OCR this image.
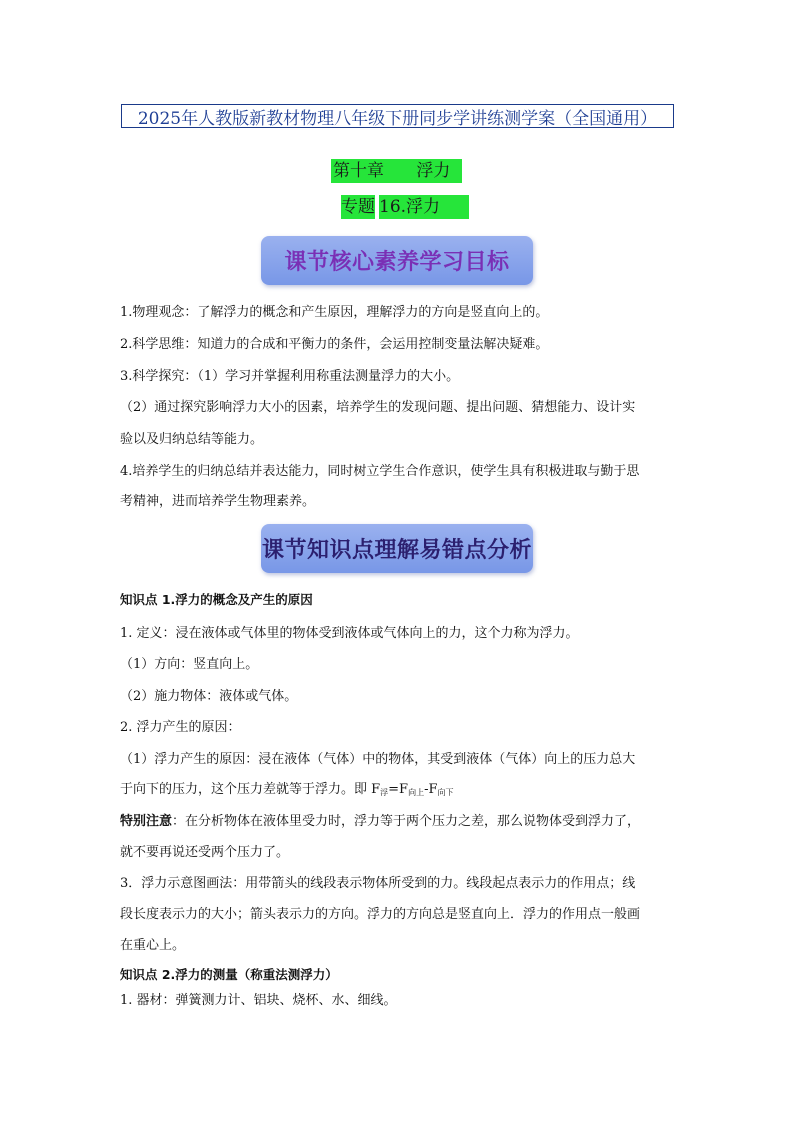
2025年人教版新教材物理八年级下册同步学讲练测学案（全国通用）
第十章      浮力
专题 16.浮力
课节核心素养学习目标
1.物理观念：了解浮力的概念和产生原因，理解浮力的方向是竖直向上的。
2.科学思维：知道力的合成和平衡力的条件，会运用控制变量法解决疑难。
3.科学探究：（1）学习并掌握利用称重法测量浮力的大小。
（2）通过探究影响浮力大小的因素，培养学生的发现问题、提出问题、猜想能力、设计实
验以及归纳总结等能力。
4.培养学生的归纳总结并表达能力，同时树立学生合作意识，使学生具有积极进取与勤于思
考精神，进而培养学生物理素养。
课节知识点理解易错点分析
知识点 1.浮力的概念及产生的原因
1. 定义：浸在液体或气体里的物体受到液体或气体向上的力，这个力称为浮力。
（1）方向：竖直向上。
（2）施力物体：液体或气体。
2. 浮力产生的原因：
（1）浮力产生的原因：浸在液体（气体）中的物体，其受到液体（气体）向上的压力总大
于向下的压力，这个压力差就等于浮力。即 $F_浮=F_{向上}-F_{向下}$
特别注意：在分析物体在液体里受力时，浮力等于两个压力之差，那么说物体受到浮力了，
就不要再说还受两个压力了。
3．浮力示意图画法：用带箭头的线段表示物体所受到的力。线段起点表示力的作用点；线
段长度表示力的大小；箭头表示力的方向。浮力的方向总是竖直向上．浮力的作用点一般画
在重心上。
知识点 2.浮力的测量（称重法测浮力）
1. 器材：弹簧测力计、铝块、烧杯、水、细线。
